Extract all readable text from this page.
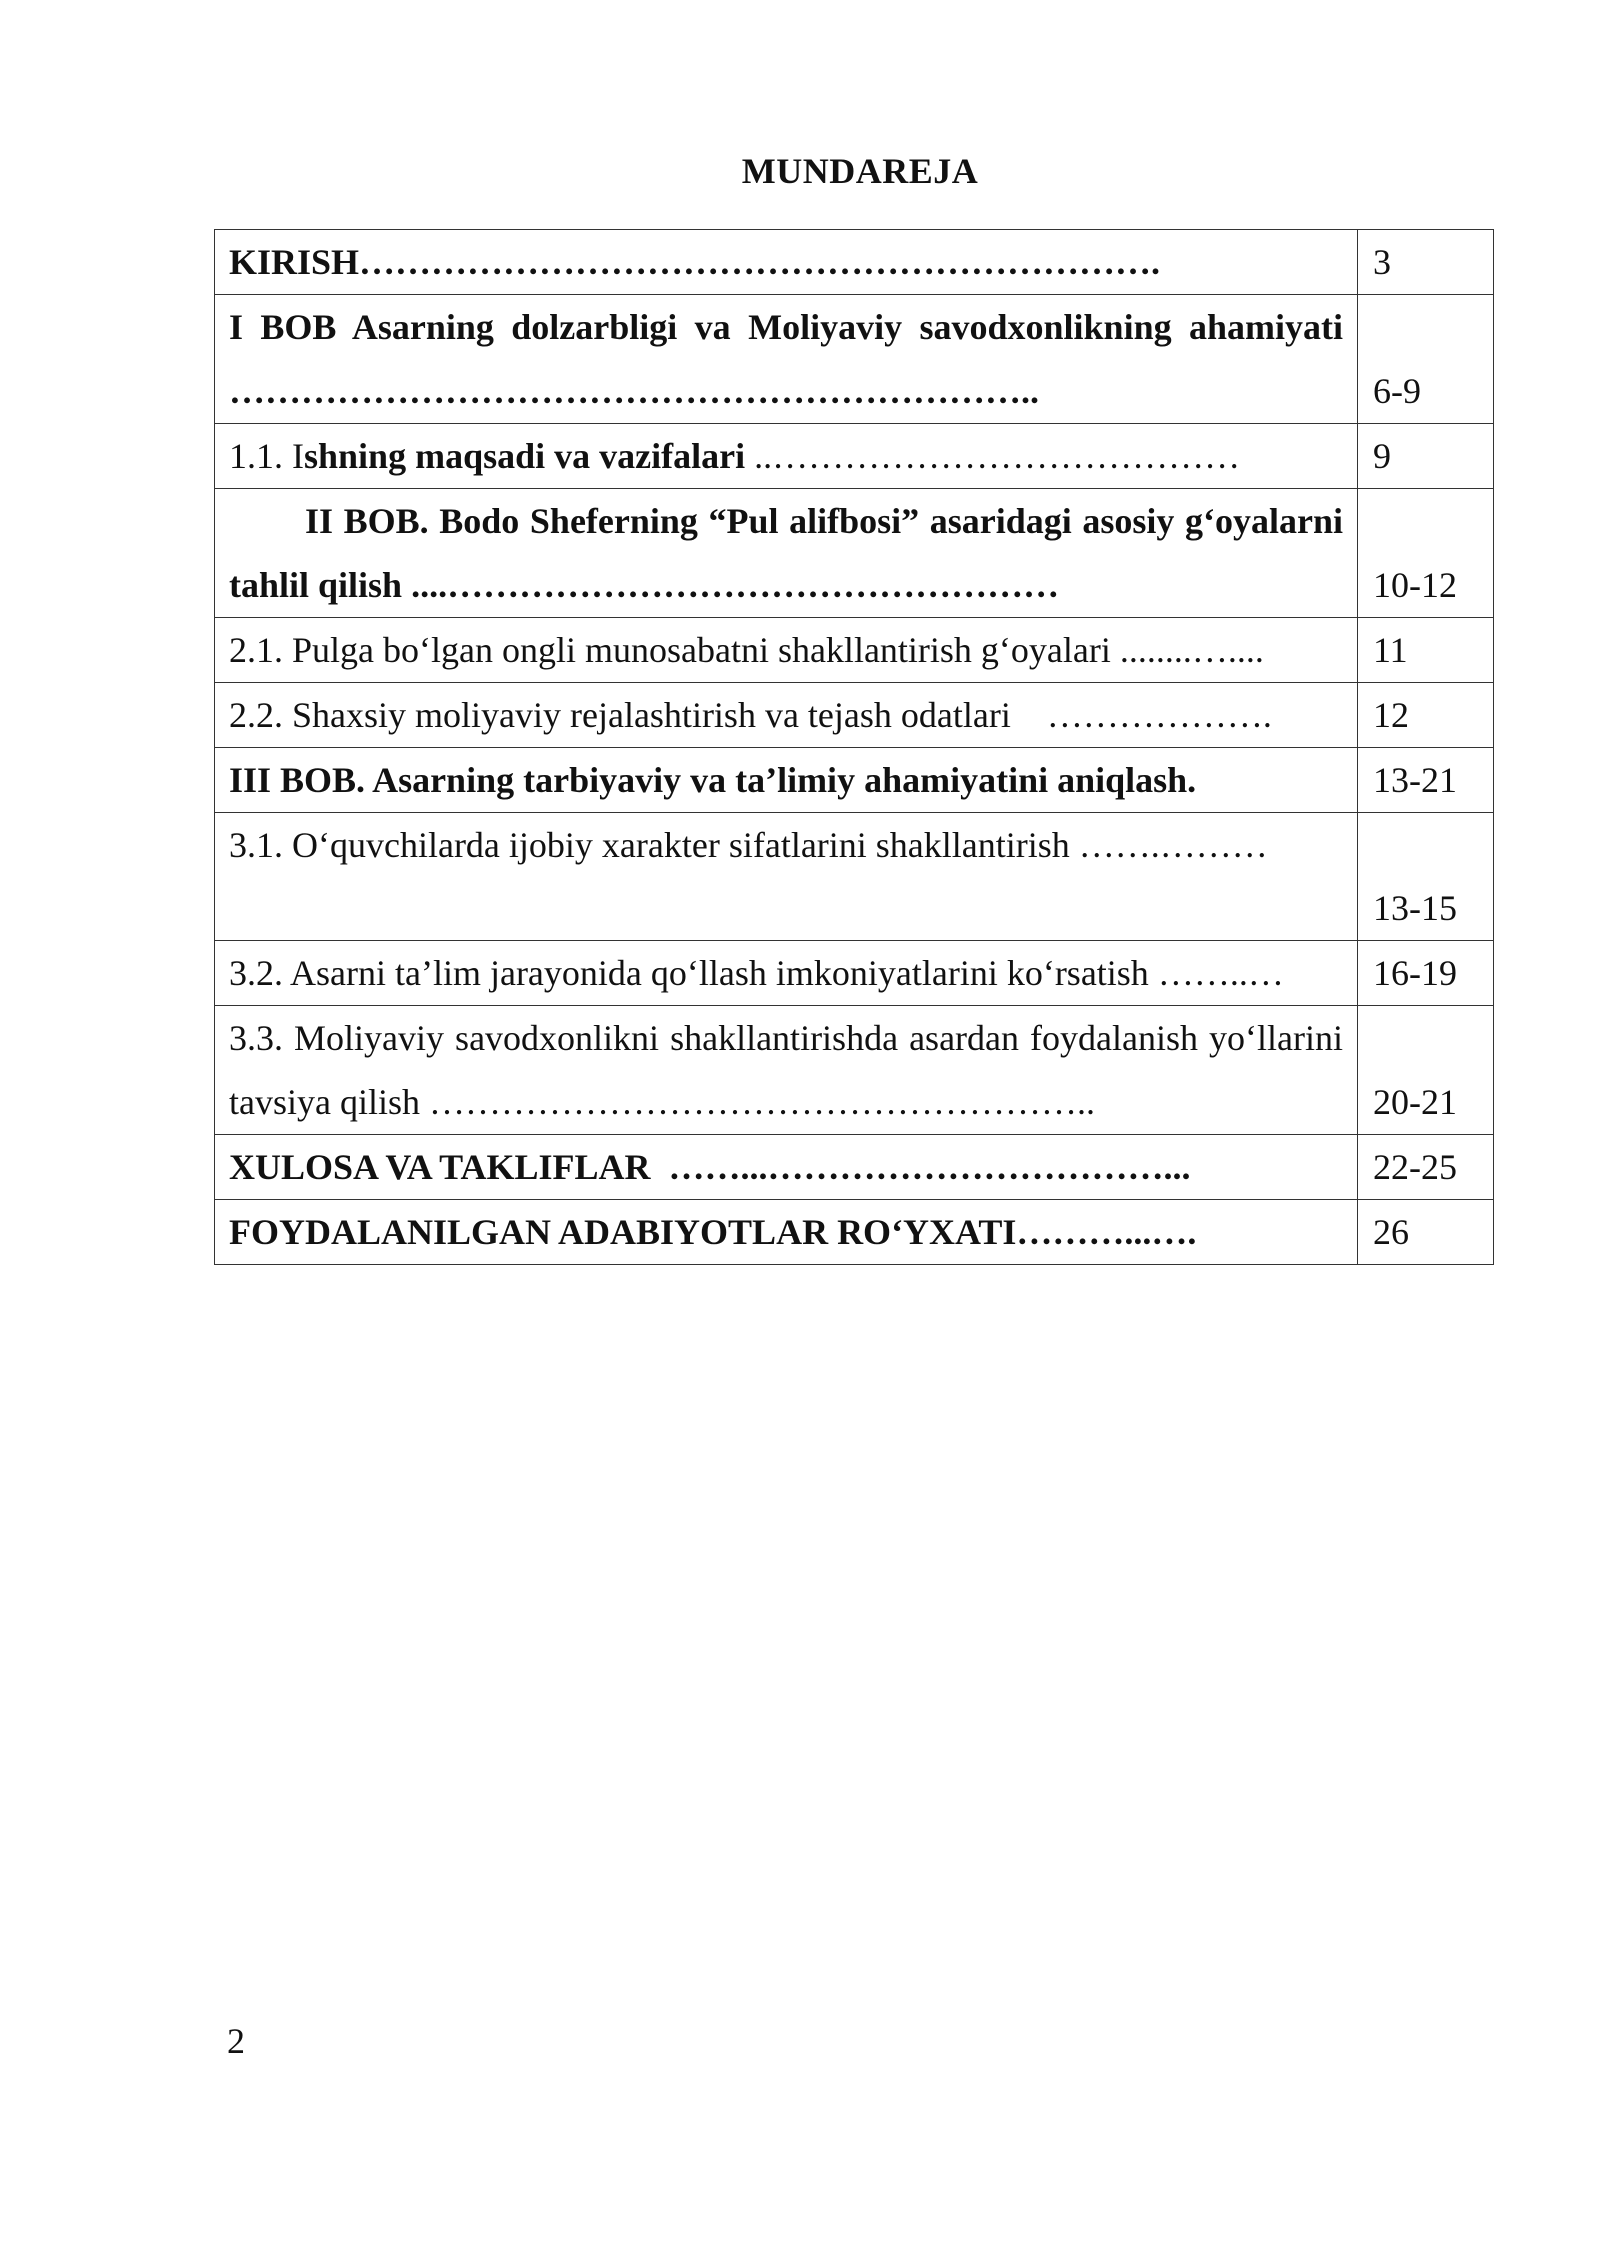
MUNDAREJA
KIRISH………………………………………………………….	3
I BOB Asarning dolzarbligi va Moliyaviy savodxonlikning ahamiyati …………………………………………………………..	6-9
1.1. Ishning maqsadi va vazifalari ..…………………………………	9
II BOB. Bodo Sheferning “Pul alifbosi” asaridagi asosiy g‘oyalarni tahlil qilish ....……………………………………………	10-12
2.1. Pulga bo‘lgan ongli munosabatni shakllantirish g‘oyalari ........…....	11
2.2. Shaxsiy moliyaviy rejalashtirish va tejash odatlari    ……………….	12
III BOB. Asarning tarbiyaviy va ta’limiy ahamiyatini aniqlash.	13-21
3.1. O‘quvchilarda ijobiy xarakter sifatlarini shakllantirish …….………	13-15
3.2. Asarni ta’lim jarayonida qo‘llash imkoniyatlarini ko‘rsatish ……..…	16-19
3.3. Moliyaviy savodxonlikni shakllantirishda asardan foydalanish yo‘llarini tavsiya qilish ………………………………………………..	20-21
XULOSA VA TAKLIFLAR  ……...……………………………...	22-25
FOYDALANILGAN ADABIYOTLAR RO‘YXATI………...….	26
2
